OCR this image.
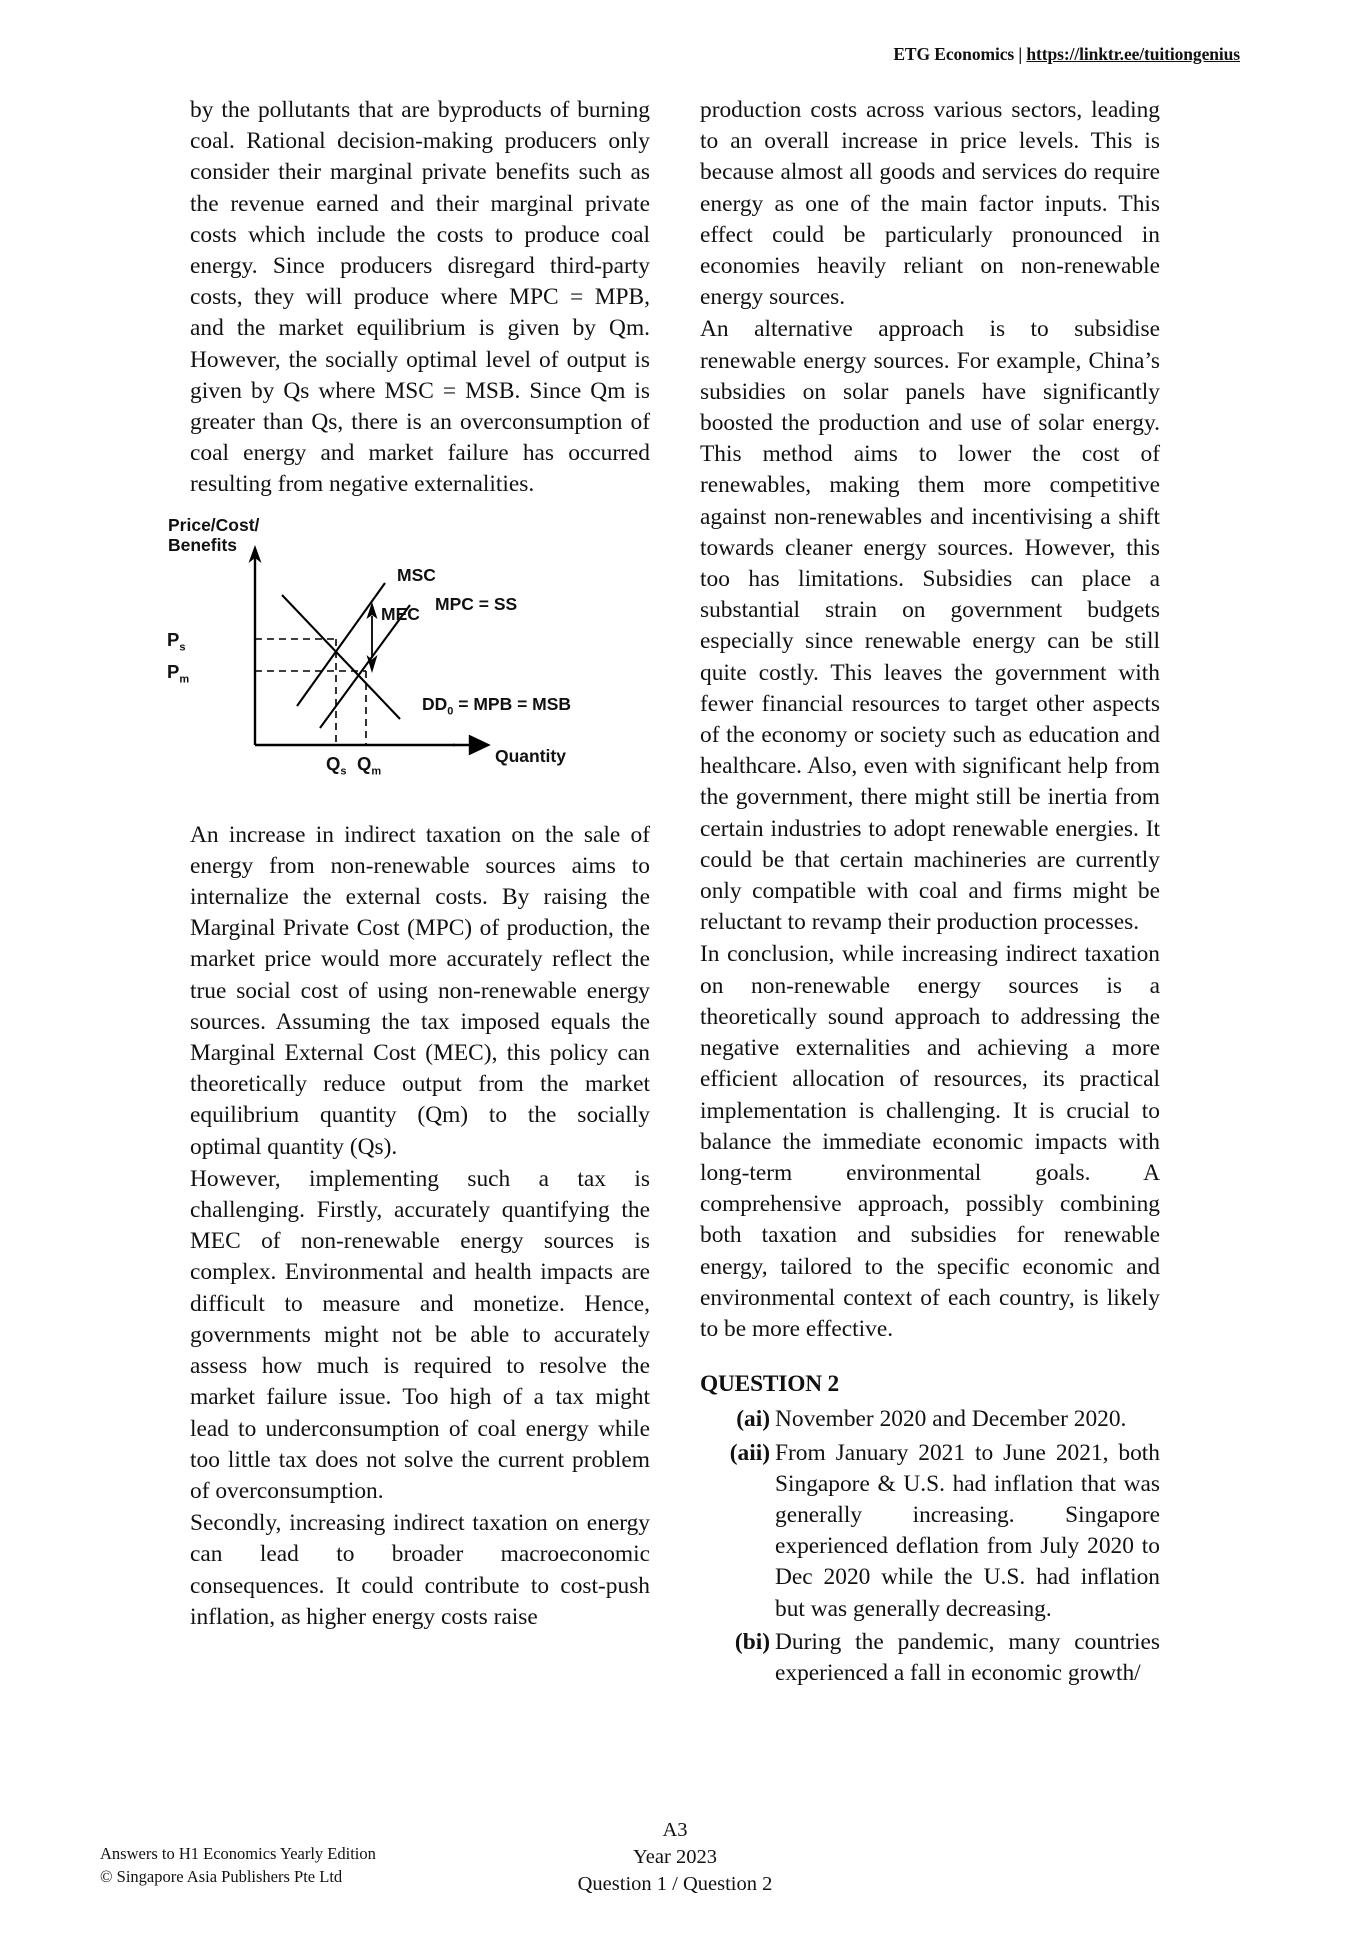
ETG Economics | https://linktr.ee/tuitiongenius

by the pollutants that are byproducts of burning coal. Rational decision-making producers only consider their marginal private benefits such as the revenue earned and their marginal private costs which include the costs to produce coal energy. Since producers disregard third-party costs, they will produce where MPC = MPB, and the market equilibrium is given by Qm. However, the socially optimal level of output is given by Qs where MSC = MSB. Since Qm is greater than Qs, there is an overconsumption of coal energy and market failure has occurred resulting from negative externalities.

Price/Cost/
Benefits
Quantity
MSC
MPC = SS
MEC
$DD_0$ = MPB = MSB
$P_s$
$P_m$
$Q_s$ $Q_m$

An increase in indirect taxation on the sale of energy from non-renewable sources aims to internalize the external costs. By raising the Marginal Private Cost (MPC) of production, the market price would more accurately reflect the true social cost of using non-renewable energy sources. Assuming the tax imposed equals the Marginal External Cost (MEC), this policy can theoretically reduce output from the market equilibrium quantity (Qm) to the socially optimal quantity (Qs).

However, implementing such a tax is challenging. Firstly, accurately quantifying the MEC of non-renewable energy sources is complex. Environmental and health impacts are difficult to measure and monetize. Hence, governments might not be able to accurately assess how much is required to resolve the market failure issue. Too high of a tax might lead to underconsumption of coal energy while too little tax does not solve the current problem of overconsumption.

Secondly, increasing indirect taxation on energy can lead to broader macroeconomic consequences. It could contribute to cost-push inflation, as higher energy costs raise

production costs across various sectors, leading to an overall increase in price levels. This is because almost all goods and services do require energy as one of the main factor inputs. This effect could be particularly pronounced in economies heavily reliant on non-renewable energy sources.

An alternative approach is to subsidise renewable energy sources. For example, China’s subsidies on solar panels have significantly boosted the production and use of solar energy. This method aims to lower the cost of renewables, making them more competitive against non-renewables and incentivising a shift towards cleaner energy sources. However, this too has limitations. Subsidies can place a substantial strain on government budgets especially since renewable energy can be still quite costly. This leaves the government with fewer financial resources to target other aspects of the economy or society such as education and healthcare. Also, even with significant help from the government, there might still be inertia from certain industries to adopt renewable energies. It could be that certain machineries are currently only compatible with coal and firms might be reluctant to revamp their production processes.

In conclusion, while increasing indirect taxation on non-renewable energy sources is a theoretically sound approach to addressing the negative externalities and achieving a more efficient allocation of resources, its practical implementation is challenging. It is crucial to balance the immediate economic impacts with long-term environmental goals. A comprehensive approach, possibly combining both taxation and subsidies for renewable energy, tailored to the specific economic and environmental context of each country, is likely to be more effective.

QUESTION 2
(ai) November 2020 and December 2020.
(aii) From January 2021 to June 2021, both Singapore & U.S. had inflation that was generally increasing. Singapore experienced deflation from July 2020 to Dec 2020 while the U.S. had inflation but was generally decreasing.
(bi) During the pandemic, many countries experienced a fall in economic growth/
Answers to H1 Economics Yearly Edition
© Singapore Asia Publishers Pte Ltd
A3
Year 2023
Question 1 / Question 2
